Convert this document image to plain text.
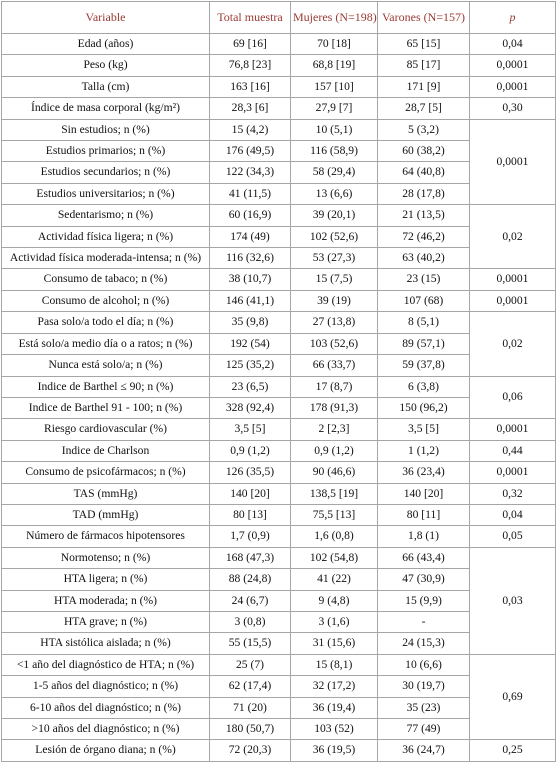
Variable	Total muestra	Mujeres (N=198)	Varones (N=157)	p
Edad (años)	69 [16]	70 [18]	65 [15]	0,04
Peso (kg)	76,8 [23]	68,8 [19]	85 [17]	0,0001
Talla (cm)	163 [16]	157 [10]	171 [9]	0,0001
Índice de masa corporal (kg/m²)	28,3 [6]	27,9 [7]	28,7 [5]	0,30
Sin estudios; n (%)	15 (4,2)	10 (5,1)	5 (3,2)	0,0001
Estudios primarios; n (%)	176 (49,5)	116 (58,9)	60 (38,2)	
Estudios secundarios; n (%)	122 (34,3)	58 (29,4)	64 (40,8)	
Estudios universitarios; n (%)	41 (11,5)	13 (6,6)	28 (17,8)	
Sedentarismo; n (%)	60 (16,9)	39 (20,1)	21 (13,5)	0,02
Actividad física ligera; n (%)	174 (49)	102 (52,6)	72 (46,2)	
Actividad física moderada-intensa; n (%)	116 (32,6)	53 (27,3)	63 (40,2)	
Consumo de tabaco; n (%)	38 (10,7)	15 (7,5)	23 (15)	0,0001
Consumo de alcohol; n (%)	146 (41,1)	39 (19)	107 (68)	0,0001
Pasa solo/a todo el día; n (%)	35 (9,8)	27 (13,8)	8 (5,1)	0,02
Está solo/a medio día o a ratos; n (%)	192 (54)	103 (52,6)	89 (57,1)	
Nunca está solo/a; n (%)	125 (35,2)	66 (33,7)	59 (37,8)	
Indice de Barthel ≤ 90; n (%)	23 (6,5)	17 (8,7)	6 (3,8)	0,06
Indice de Barthel 91 - 100; n (%)	328 (92,4)	178 (91,3)	150 (96,2)	
Riesgo cardiovascular (%)	3,5 [5]	2 [2,3]	3,5 [5]	0,0001
Indice de Charlson	0,9 (1,2)	0,9 (1,2)	1 (1,2)	0,44
Consumo de psicofármacos; n (%)	126 (35,5)	90 (46,6)	36 (23,4)	0,0001
TAS (mmHg)	140 [20]	138,5 [19]	140 [20]	0,32
TAD (mmHg)	80 [13]	75,5 [13]	80 [11]	0,04
Número de fármacos hipotensores	1,7 (0,9)	1,6 (0,8)	1,8 (1)	0,05
Normotenso; n (%)	168 (47,3)	102 (54,8)	66 (43,4)	0,03
HTA ligera; n (%)	88 (24,8)	41 (22)	47 (30,9)	
HTA moderada; n (%)	24 (6,7)	9 (4,8)	15 (9,9)	
HTA grave; n (%)	3 (0,8)	3 (1,6)	-	
HTA sistólica aislada; n (%)	55 (15,5)	31 (15,6)	24 (15,3)	
<1 año del diagnóstico de HTA; n (%)	25 (7)	15 (8,1)	10 (6,6)	0,69
1-5 años del diagnóstico; n (%)	62 (17,4)	32 (17,2)	30 (19,7)	
6-10 años del diagnóstico; n (%)	71 (20)	36 (19,4)	35 (23)	
>10 años del diagnóstico; n (%)	180 (50,7)	103 (52)	77 (49)	
Lesión de órgano diana; n (%)	72 (20,3)	36 (19,5)	36 (24,7)	0,25
